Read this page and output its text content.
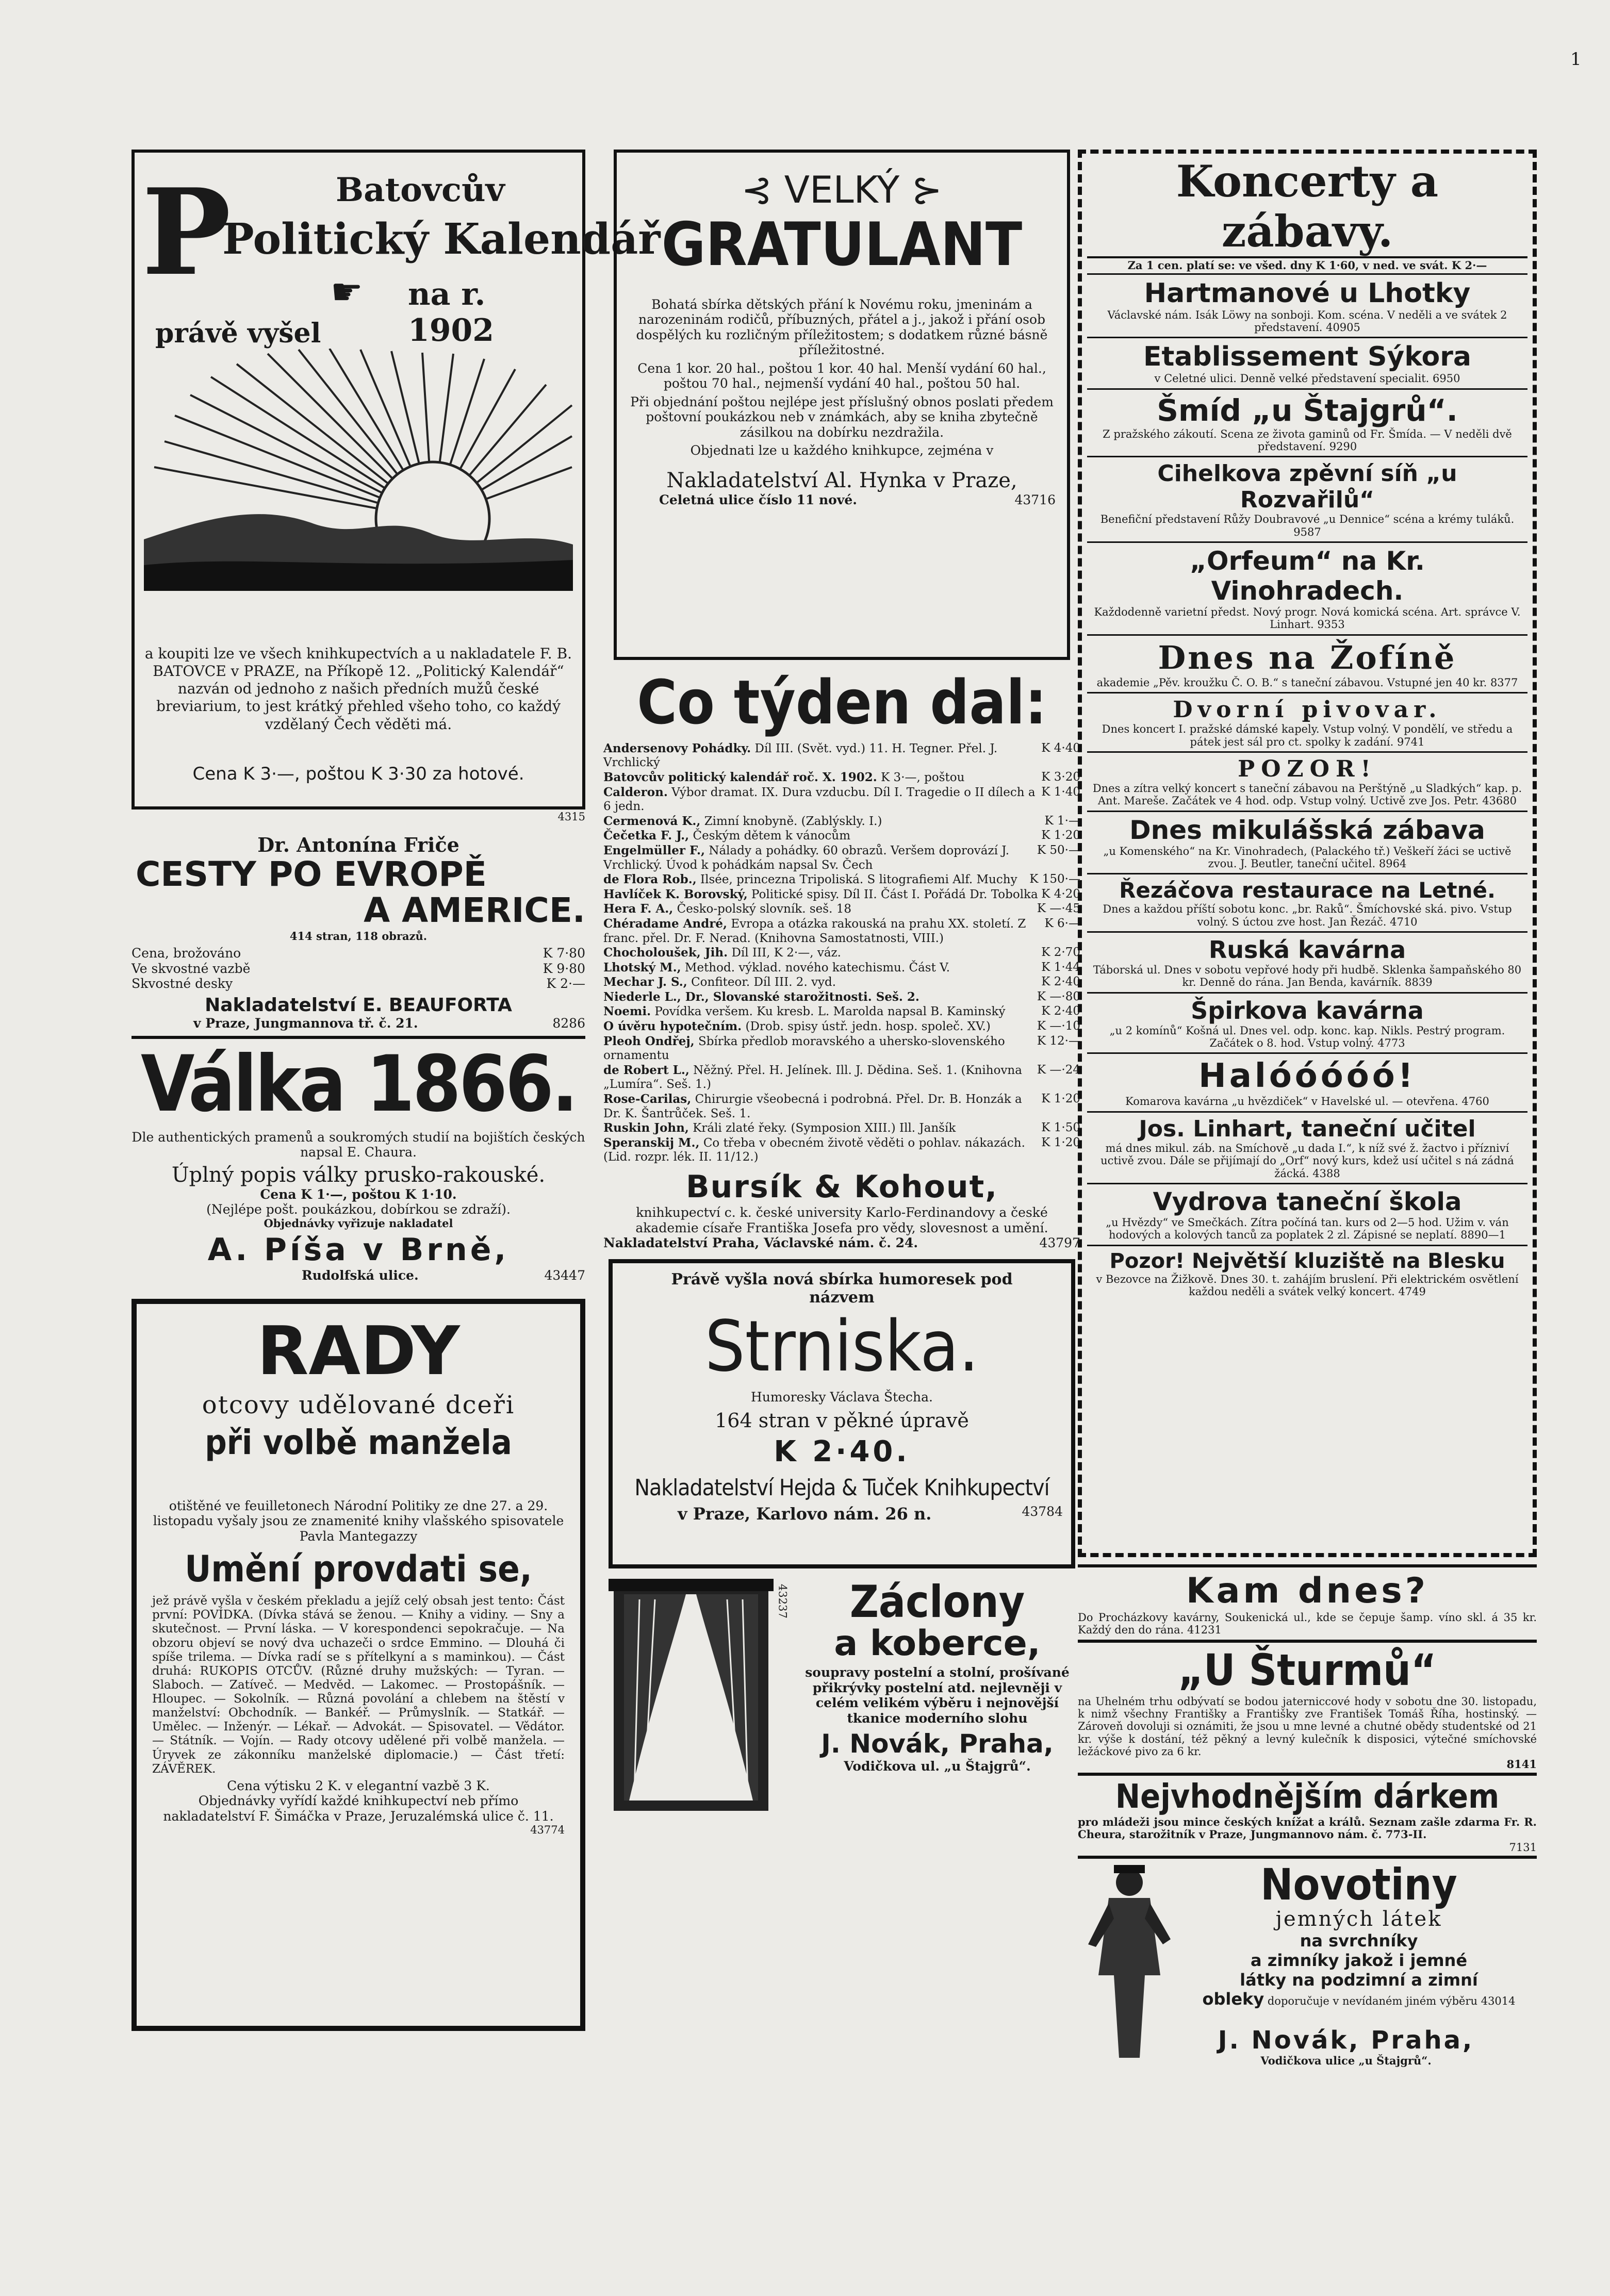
1
P	Batovcův
Politický Kalendář
☛ na r. 1902
právě vyšel
a koupiti lze ve všech knihkupectvích a u nakladatele F. B. BATOVCE v PRAZE, na Příkopě 12. „Politický Kalendář“ nazván od jednoho z našich předních mužů české breviarium, to jest krátký přehled všeho toho, co každý vzdělaný Čech věděti má.
Cena K 3·—, poštou K 3·30 za hotové.
4315
Dr. Antonína Friče
CESTY PO EVROPĚ
A AMERICE.
414 stran, 118 obrazů.
Cena, brožováno	K 7·80
Ve skvostné vazbě	K 9·80
Skvostné desky	K 2·—
Nakladatelství E. BEAUFORTA
v Praze, Jungmannova tř. č. 21.	8286
Válka 1866.
Dle authentických pramenů a soukromých studií na bojištích českých napsal E. Chaura.
Úplný popis války prusko-rakouské.
Cena K 1·—, poštou K 1·10.
(Nejlépe pošt. poukázkou, dobírkou se zdraží).
Objednávky vyřizuje nakladatel
A. Píša v Brně,
Rudolfská ulice.	43447
RADY
otcovy udělované dceři
při volbě manžela
otištěné ve feuilletonech Národní Politiky ze dne 27. a 29. listopadu vyšaly jsou ze znamenité knihy vlašského spisovatele Pavla Mantegazzy
Umění provdati se,
jež právě vyšla v českém překladu a jejíž celý obsah jest tento: Část první: POVÍDKA. (Dívka stává se ženou. — Knihy a vidiny. — Sny a skutečnost. — První láska. — V korespondenci sepokračuje. — Na obzoru objeví se nový dva uchazeči o srdce Emmino. — Dlouhá či spíše trilema. — Dívka radí se s přítelkyní a s maminkou). — Část druhá: RUKOPIS OTCŮV. (Různé druhy mužských: — Tyran. — Slaboch. — Zatíveč. — Medvěd. — Lakomec. — Prostopášník. — Hloupec. — Sokolník. — Různá povolání a chlebem na štěstí v manželství: Obchodník. — Bankéř. — Průmyslník. — Statkář. — Umělec. — Inženýr. — Lékař. — Advokát. — Spisovatel. — Vědátor. — Státník. — Vojín. — Rady otcovy udělené při volbě manžela. — Úryvek ze zákonníku manželské diplomacie.) — Část třetí: ZÁVĚREK.
Cena výtisku 2 K. v elegantní vazbě 3 K.
Objednávky vyřídí každé knihkupectví neb přímo nakladatelství F. Šimáčka v Praze, Jeruzalémská ulice č. 11.
43774
⊰ VELKÝ ⊱
GRATULANT
Bohatá sbírka dětských přání k Novému roku, jmeninám a narozeninám rodičů, příbuzných, přátel a j., jakož i přání osob dospělých ku rozličným příležitostem; s dodatkem různé básně příležitostné.
Cena 1 kor. 20 hal., poštou 1 kor. 40 hal. Menší vydání 60 hal., poštou 70 hal., nejmenší vydání 40 hal., poštou 50 hal.
Při objednání poštou nejlépe jest příslušný obnos poslati předem poštovní poukázkou neb v známkách, aby se kniha zbytečně zásilkou na dobírku nezdražila.
Objednati lze u každého knihkupce, zejména v
Nakladatelství Al. Hynka v Praze,
Celetná ulice číslo 11 nové.	43716
Co týden dal:
Andersenovy Pohádky. Díl III. (Svět. vyd.) 11. H. Tegner. Přel. J. Vrchlický
K 4·40
Batovcův politický kalendář roč. X. 1902. K 3·—, poštou	K 3·20
Calderon. Výbor dramat. IX. Dura vzducbu. Díl I. Tragedie o II dílech a 6 jedn.
K 1·40
Cermenová K., Zimní knobyně. (Zablýskly. I.)	K 1·—
Čečetka F. J., Českým dětem k vánocům	K 1·20
Engelmüller F., Nálady a pohádky. 60 obrazů. Veršem doprovází J. Vrchlický. Úvod k pohádkám napsal Sv. Čech
K 50·—
de Flora Rob., Ilsée, princezna Tripoliská. S litografiemi Alf. Muchy K 150·—
Havlíček K. Borovský, Politické spisy. Díl II. Část I. Pořádá Dr. Tobolka K 4·20
Hera F. A., Česko-polský slovník. seš. 18	K —·45
Chéradame André, Evropa a otázka rakouská na prahu XX. století. Z franc. přel. Dr. F. Nerad. (Knihovna Samostatnosti, VIII.)
K 6·—
Chocholoušek, Jih. Díl III, K 2·—, váz.	K 2·70
Lhotský M., Method. výklad. nového katechismu. Část V.	K 1·44
Mechar J. S., Confiteor. Díl III. 2. vyd.	K 2·40
Niederle L., Dr., Slovanské starožitnosti. Seš. 2.	K —·80
Noemi. Povídka veršem. Ku kresb. L. Marolda napsal B. Kaminský	K 2·40
O úvěru hypotečním. (Drob. spisy ústř. jedn. hosp. společ. XV.)	K —·10
Pleoh Ondřej, Sbírka předlob moravského a uhersko-slovenského ornamentu
K 12·—
de Robert L., Něžný. Přel. H. Jelínek. Ill. J. Dědina. Seš. 1. (Knihovna „Lumíra“. Seš. 1.)
K —·24
Rose-Carilas, Chirurgie všeobecná i podrobná. Přel. Dr. B. Honzák a Dr. K. Šantrůček. Seš. 1.
K 1·20
Ruskin John, Králi zlaté řeky. (Symposion XIII.) Ill. Janšík	K 1·50
Speranskij M., Co třeba v obecném životě věděti o pohlav. nákazách. (Lid. rozpr. lék. II. 11/12.)
K 1·20
Bursík & Kohout,
knihkupectví c. k. české university Karlo-Ferdinandovy a české akademie císaře Františka Josefa pro vědy, slovesnost a umění.
Nakladatelství Praha, Václavské nám. č. 24.	43797
Právě vyšla nová sbírka humoresek pod názvem
Strniska.
Humoresky Václava Štecha.
164 stran v pěkné úpravě
K 2·40.
Nakladatelství Hejda & Tuček Knihkupectví
v Praze, Karlovo nám. 26 n.	43784
43237	Záclony
a koberce,
soupravy postelní a stolní, prošívané přikrývky postelní atd. nejlevněji v celém velikém výběru i nejnovější tkanice moderního slohu
J. Novák, Praha,
Vodičkova ul. „u Štajgrů“.
Koncerty a zábavy.
Za 1 cen. platí se: ve všed. dny K 1·60, v ned. ve svát. K 2·—
Hartmanové u Lhotky
Václavské nám. Isák Löwy na sonboji. Kom. scéna. V neděli a ve svátek 2 představení. 40905
Etablissement Sýkora
v Celetné ulici. Denně velké představení specialit. 6950
Šmíd „u Štajgrů“.
Z pražského zákoutí. Scena ze života gaminů od Fr. Šmída. — V neděli dvě představení. 9290
Cihelkova zpěvní síň „u Rozvařilů“
Benefiční představení Růžy Doubravové „u Dennice“ scéna a krémy tuláků. 9587
„Orfeum“ na Kr. Vinohradech.
Každodenně varietní předst. Nový progr. Nová komická scéna. Art. správce V. Linhart. 9353
Dnes na Žofíně
akademie „Pěv. kroužku Č. O. B.“ s taneční zábavou. Vstupné jen 40 kr. 8377
Dvorní pivovar.
Dnes koncert I. pražské dámské kapely. Vstup volný. V pondělí, ve středu a pátek jest sál pro ct. spolky k zadání. 9741
POZOR!
Dnes a zítra velký koncert s taneční zábavou na Perštýně „u Sladkých“ kap. p. Ant. Mareše. Začátek ve 4 hod. odp. Vstup volný. Uctivě zve Jos. Petr. 43680
Dnes mikulášská zábava
„u Komenského“ na Kr. Vinohradech, (Palackého tř.) Veškeří žáci se uctivě zvou. J. Beutler, taneční učitel. 8964
Řezáčova restaurace na Letné.
Dnes a každou příští sobotu konc. „br. Raků“. Šmíchovské ská. pivo. Vstup volný. S úctou zve host. Jan Řezáč. 4710
Ruská kavárna
Táborská ul. Dnes v sobotu vepřové hody při hudbě. Sklenka šampaňského 80 kr. Denně do rána. Jan Benda, kavárník. 8839
Špirkova kavárna
„u 2 komínů“ Košná ul. Dnes vel. odp. konc. kap. Nikls. Pestrý program. Začátek o 8. hod. Vstup volný. 4773
Halóóóóó!
Komarova kavárna „u hvězdiček“ v Havelské ul. — otevřena. 4760
Jos. Linhart, taneční učitel
má dnes mikul. záb. na Smíchově „u dada I.“, k níž své ž. žactvo i přízniví uctivě zvou. Dále se přijímají do „Orf“ nový kurs, kdež usí učitel s ná zádná žácká. 4388
Vydrova taneční škola
„u Hvězdy“ ve Smečkách. Zítra počíná tan. kurs od 2—5 hod. Užim v. ván hodových a kolových tanců za poplatek 2 zl. Zápisné se neplatí. 8890—1
Pozor! Největší kluziště na Blesku
v Bezovce na Žižkově. Dnes 30. t. zahájím bruslení. Při elektrickém osvětlení každou neděli a svátek velký koncert. 4749
Kam dnes?
Do Procházkovy kavárny, Soukenická ul., kde se čepuje šamp. víno skl. á 35 kr. Každý den do rána. 41231
„U Šturmů“
na Uhelném trhu odbývatí se bodou jaterniccové hody v sobotu dne 30. listopadu, k nimž všechny Františky a Františky zve František Tomáš Říha, hostinský. — Zároveň dovoluji si oznámiti, že jsou u mne levné a chutné obědy studentské od 21 kr. výše k dostání, též pěkný a levný kulečník k disposici, výtečné smíchovské ležáckové pivo za 6 kr.
8141
Nejvhodnějším dárkem
pro mládeži jsou mince českých knížat a králů. Seznam zašle zdarma Fr. R. Cheura, starožitník v Praze, Jungmannovo nám. č. 773-II.
7131
Novotiny
jemných látek
na svrchníky
a zimníky jakož i jemné
látky na podzimní a zimní
obleky doporučuje v nevídaném jiném výběru 43014
J. Novák, Praha,
Vodičkova ulice „u Štajgrů“.
